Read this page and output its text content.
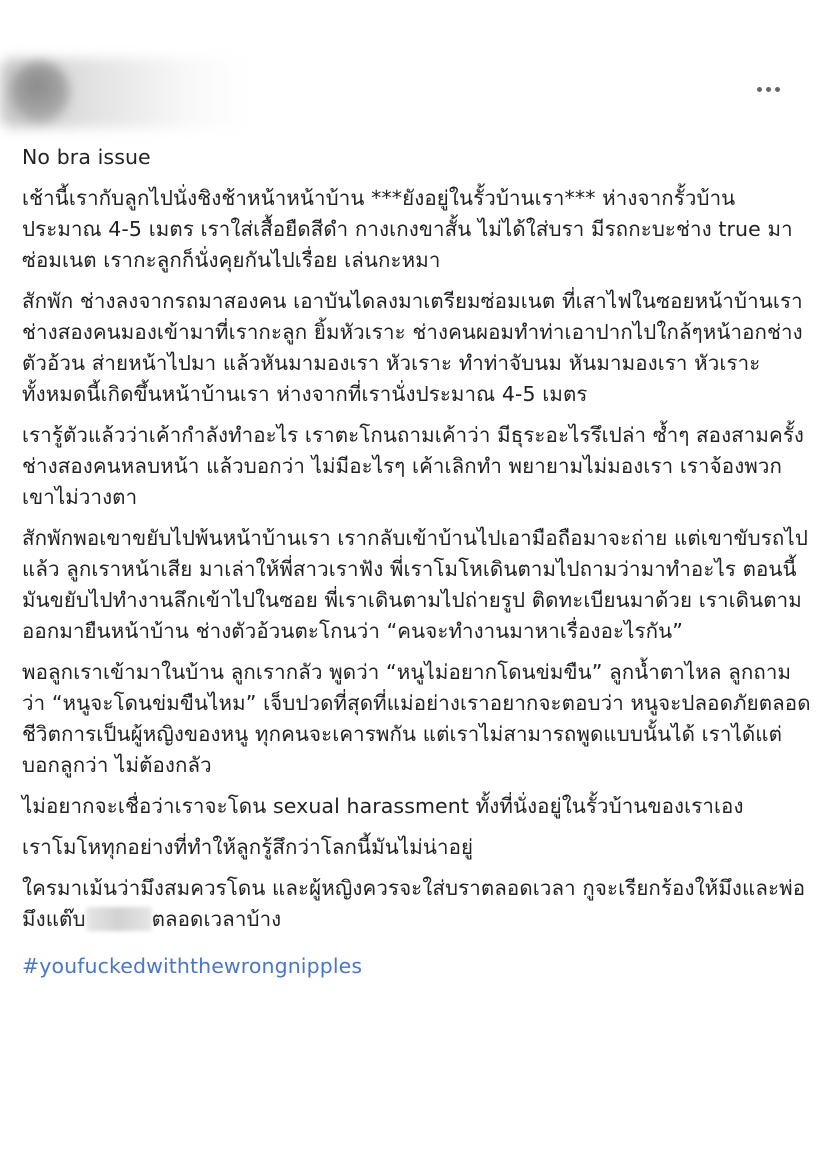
No bra issue

เช้านี้เรากับลูกไปนั่งชิงช้าหน้าหน้าบ้าน ***ยังอยู่ในรั้วบ้านเรา*** ห่างจากรั้วบ้านประมาณ 4-5 เมตร เราใส่เสื้อยืดสีดำ กางเกงขาสั้น ไม่ได้ใส่บรา มีรถกะบะช่าง true มาซ่อมเนต เรากะลูกก็นั่งคุยกันไปเรื่อย เล่นกะหมา

สักพัก ช่างลงจากรถมาสองคน เอาบันไดลงมาเตรียมซ่อมเนต ที่เสาไฟในซอยหน้าบ้านเรา ช่างสองคนมองเข้ามาที่เรากะลูก ยิ้มหัวเราะ ช่างคนผอมทำท่าเอาปากไปใกล้ๆหน้าอกช่างตัวอ้วน ส่ายหน้าไปมา แล้วหันมามองเรา หัวเราะ ทำท่าจับนม หันมามองเรา หัวเราะ ทั้งหมดนี้เกิดขึ้นหน้าบ้านเรา ห่างจากที่เรานั่งประมาณ 4-5 เมตร

เรารู้ตัวแล้วว่าเค้ากำลังทำอะไร เราตะโกนถามเค้าว่า มีธุระอะไรรึเปล่า ซ้ำๆ สองสามครั้ง ช่างสองคนหลบหน้า แล้วบอกว่า ไม่มีอะไรๆ เค้าเลิกทำ พยายามไม่มองเรา เราจ้องพวกเขาไม่วางตา

สักพักพอเขาขยับไปพ้นหน้าบ้านเรา เรากลับเข้าบ้านไปเอามือถือมาจะถ่าย แต่เขาขับรถไปแล้ว ลูกเราหน้าเสีย มาเล่าให้พี่สาวเราฟัง พี่เราโมโหเดินตามไปถามว่ามาทำอะไร ตอนนี้มันขยับไปทำงานลึกเข้าไปในซอย พี่เราเดินตามไปถ่ายรูป ติดทะเบียนมาด้วย เราเดินตามออกมายืนหน้าบ้าน ช่างตัวอ้วนตะโกนว่า “คนจะทำงานมาหาเรื่องอะไรกัน”

พอลูกเราเข้ามาในบ้าน ลูกเรากลัว พูดว่า “หนูไม่อยากโดนข่มขืน” ลูกน้ำตาไหล ลูกถามว่า “หนูจะโดนข่มขืนไหม” เจ็บปวดที่สุดที่แม่อย่างเราอยากจะตอบว่า หนูจะปลอดภัยตลอดชีวิตการเป็นผู้หญิงของหนู ทุกคนจะเคารพกัน แต่เราไม่สามารถพูดแบบนั้นได้ เราได้แต่บอกลูกว่า ไม่ต้องกลัว

ไม่อยากจะเชื่อว่าเราจะโดน sexual harassment ทั้งที่นั่งอยู่ในรั้วบ้านของเราเอง

เราโมโหทุกอย่างที่ทำให้ลูกรู้สึกว่าโลกนี้มันไม่น่าอยู่

ใครมาเม้นว่ามึงสมควรโดน และผู้หญิงควรจะใส่บราตลอดเวลา กูจะเรียกร้องให้มึงและพ่อมึงแต๊บ	ตลอดเวลาบ้าง

#youfuckedwiththewrongnipples
